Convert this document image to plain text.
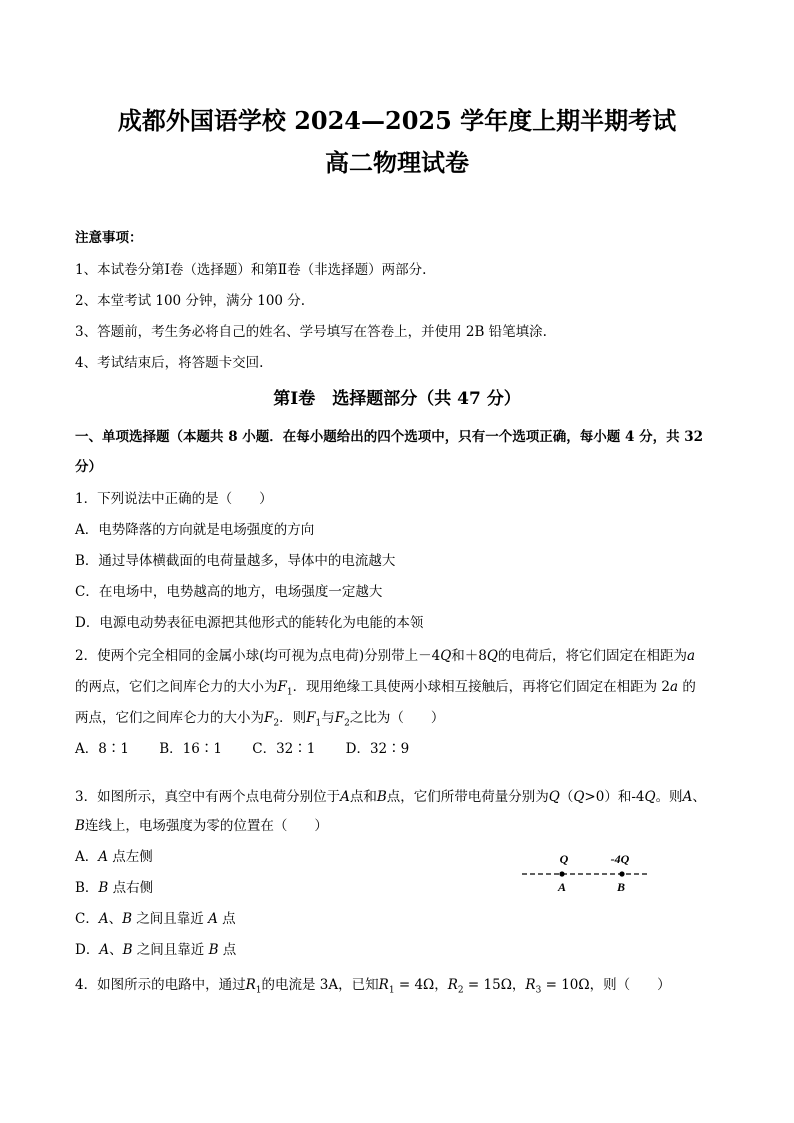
成都外国语学校 2024—2025 学年度上期半期考试
高二物理试卷
注意事项：
1、本试卷分第Ⅰ卷（选择题）和第Ⅱ卷（非选择题）两部分.
2、本堂考试 100 分钟，满分 100 分.
3、答题前，考生务必将自己的姓名、学号填写在答卷上，并使用 2B 铅笔填涂.
4、考试结束后，将答题卡交回.
第Ⅰ卷　选择题部分（共 47 分）
一、单项选择题（本题共 8 小题．在每小题给出的四个选项中，只有一个选项正确，每小题 4 分，共 32
分）
1．下列说法中正确的是（　　）
A．电势降落的方向就是电场强度的方向
B．通过导体横截面的电荷量越多，导体中的电流越大
C．在电场中，电势越高的地方，电场强度一定越大
D．电源电动势表征电源把其他形式的能转化为电能的本领
2．使两个完全相同的金属小球(均可视为点电荷)分别带上－4Q和＋8Q的电荷后，将它们固定在相距为a
的两点，它们之间库仑力的大小为$F_1$．现用绝缘工具使两小球相互接触后，再将它们固定在相距为 2a 的
两点，它们之间库仑力的大小为$F_2$．则$F_1$与$F_2$之比为（　　）
A．8∶1 B．16∶1 C．32∶1 D．32∶9
3．如图所示，真空中有两个点电荷分别位于A点和B点，它们所带电荷量分别为Q（Q>0）和-4Q。则A、
B连线上，电场强度为零的位置在（　　）
A．A 点左侧
B．B 点右侧
C．A、B 之间且靠近 A 点
D．A、B 之间且靠近 B 点
Q	-4Q
A	B
4．如图所示的电路中，通过$R_1$的电流是 3A，已知$R_1 = 4\Omega$，$R_2 = 15\Omega$，$R_3 = 10\Omega$，则（　　）
